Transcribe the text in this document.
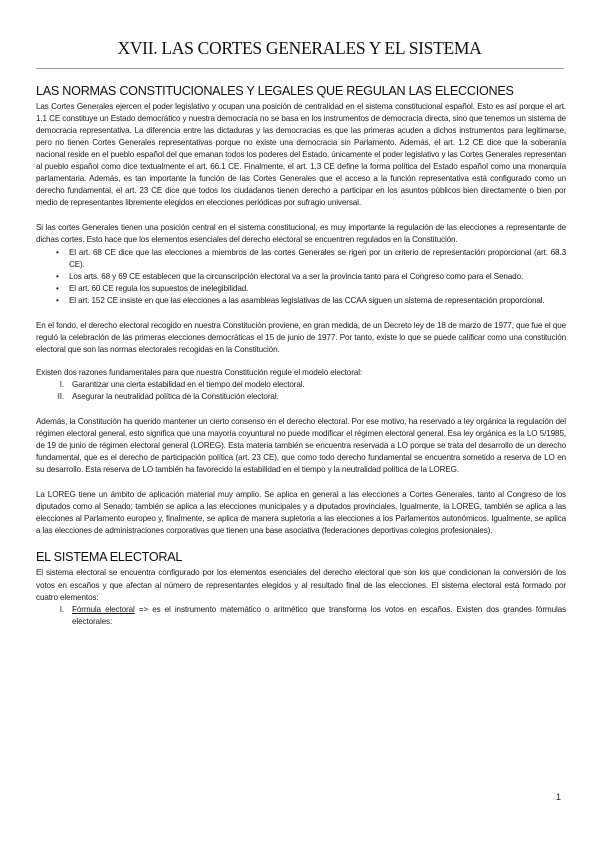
XVII. LAS CORTES GENERALES Y EL SISTEMA
LAS NORMAS CONSTITUCIONALES Y LEGALES QUE REGULAN LAS ELECCIONES

Las Cortes Generales ejercen el poder legislativo y ocupan una posición de centralidad en el sistema constitucional español. Esto es así porque el art. 1.1 CE constituye un Estado democrático y nuestra democracia no se basa en los instrumentos de democracia directa, sino que tenemos un sistema de democracia representativa. La diferencia entre las dictaduras y las democracias es que las primeras acuden a dichos instrumentos para legitimarse, pero no tienen Cortes Generales representativas porque no existe una democracia sin Parlamento. Además, el art. 1.2 CE dice que la soberanía nacional reside en el pueblo español del que emanan todos los poderes del Estado, únicamente el poder legislativo y las Cortes Generales representan al pueblo español como dice textualmente el art. 66.1 CE. Finalmente, el art. 1.3 CE define la forma política del Estado español como una monarquía parlamentaria. Además, es tan importante la función de las Cortes Generales que el acceso a la función representativa está configurado como un derecho fundamental, el art. 23 CE dice que todos los ciudadanos tienen derecho a participar en los asuntos públicos bien directamente o bien por medio de representantes libremente elegidos en elecciones periódicas por sufragio universal.

Si las cortes Generales tienen una posición central en el sistema constitucional, es muy importante la regulación de las elecciones a representante de dichas cortes. Esto hace que los elementos esenciales del derecho electoral se encuentren regulados en la Constitución.

• El art. 68 CE dice que las elecciones a miembros de las cortes Generales se rigen por un criterio de representación proporcional (art. 68.3 CE).
• Los arts. 68 y 69 CE establecen que la circunscripción electoral va a ser la provincia tanto para el Congreso como para el Senado.
• El art. 60 CE regula los supuestos de inelegibilidad.
• El art. 152 CE insiste en que las elecciones a las asambleas legislativas de las CCAA siguen un sistema de representación proporcional.

En el fondo, el derecho electoral recogido en nuestra Constitución proviene, en gran medida, de un Decreto ley de 18 de marzo de 1977, que fue el que reguló la celebración de las primeras elecciones democráticas el 15 de junio de 1977. Por tanto, existe lo que se puede calificar como una constitución electoral que son las normas electorales recogidas en la Constitución.

Existen dos razones fundamentales para que nuestra Constitución regule el modelo electoral:

I. Garantizar una cierta estabilidad en el tiempo del modelo electoral.
II. Asegurar la neutralidad política de la Constitución electoral.

Además, la Constitución ha querido mantener un cierto consenso en el derecho electoral. Por ese motivo, ha reservado a ley orgánica la regulación del régimen electoral general, esto significa que una mayoría coyuntural no puede modificar el régimen electoral general. Esa ley orgánica es la LO 5/1985, de 19 de junio de régimen electoral general (LOREG). Esta materia también se encuentra reservada a LO porque se trata del desarrollo de un derecho fundamental, que es el derecho de participación política (art. 23 CE), que como todo derecho fundamental se encuentra sometido a reserva de LO en su desarrollo. Esta reserva de LO también ha favorecido la estabilidad en el tiempo y la neutralidad política de la LOREG.

La LOREG tiene un ámbito de aplicación material muy amplio. Se aplica en general a las elecciones a Cortes Generales, tanto al Congreso de los diputados como al Senado; también se aplica a las elecciones municipales y a diputados provinciales. Igualmente, la LOREG, también se aplica a las elecciones al Parlamento europeo y, finalmente, se aplica de manera supletoria a las elecciones a los Parlamentos autonómicos. Igualmente, se aplica a las elecciones de administraciones corporativas que tienen una base asociativa (federaciones deportivas colegios profesionales).

EL SISTEMA ELECTORAL

El sistema electoral se encuentra configurado por los elementos esenciales del derecho electoral que son los que condicionan la conversión de los votos en escaños y que afectan al número de representantes elegidos y al resultado final de las elecciones. El sistema electoral está formado por cuatro elementos:

I. Fórmula electoral => es el instrumento matemático o aritmético que transforma los votos en escaños. Existen dos grandes fórmulas electorales:
1
